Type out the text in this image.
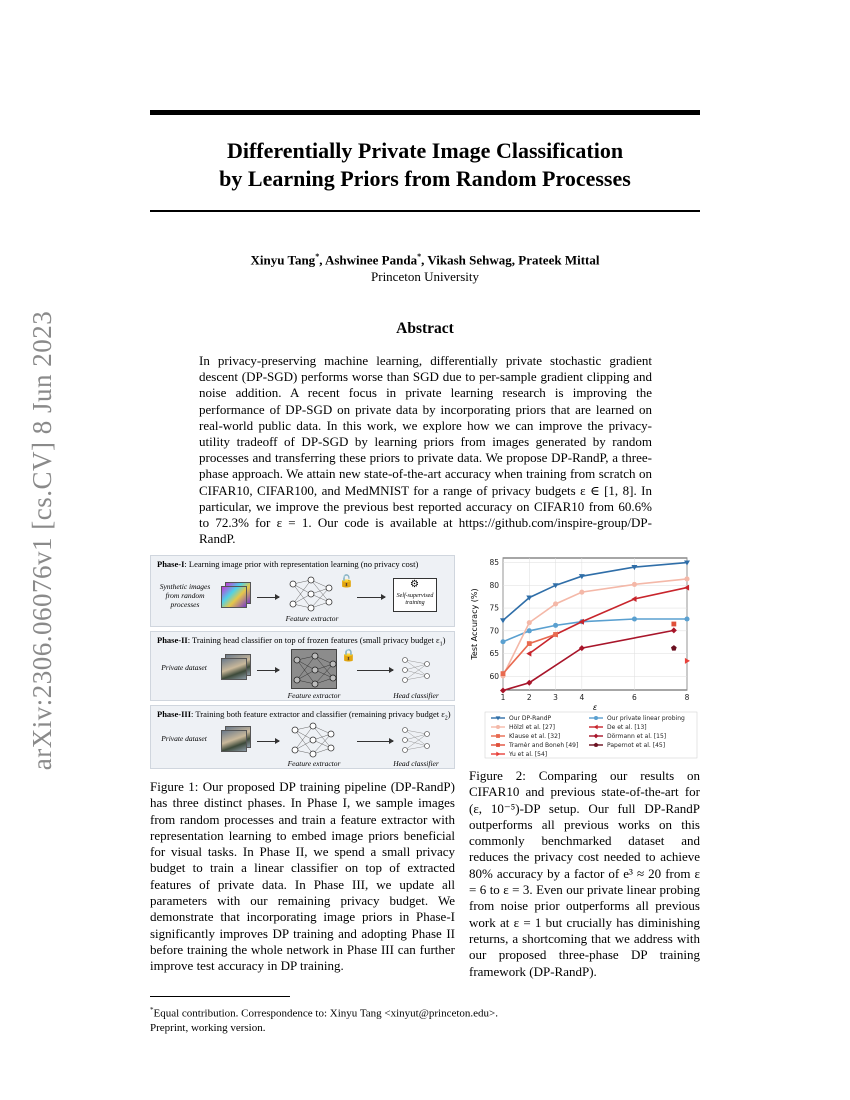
arXiv:2306.06076v1 [cs.CV] 8 Jun 2023
Differentially Private Image Classification
by Learning Priors from Random Processes
Xinyu Tang*, Ashwinee Panda*, Vikash Sehwag, Prateek Mittal
Princeton University
Abstract
In privacy-preserving machine learning, differentially private stochastic gradient descent (DP-SGD) performs worse than SGD due to per-sample gradient clipping and noise addition. A recent focus in private learning research is improving the performance of DP-SGD on private data by incorporating priors that are learned on real-world public data. In this work, we explore how we can improve the privacy-utility tradeoff of DP-SGD by learning priors from images generated by random processes and transferring these priors to private data. We propose DP-RandP, a three-phase approach. We attain new state-of-the-art accuracy when training from scratch on CIFAR10, CIFAR100, and MedMNIST for a range of privacy budgets ε ∈ [1, 8]. In particular, we improve the previous best reported accuracy on CIFAR10 from 60.6% to 72.3% for ε = 1. Our code is available at https://github.com/inspire-group/DP-RandP.
Phase-I: Learning image prior with representation learning (no privacy cost)
Synthetic images from random processes
Feature extractor
🔓	⚙
Self-supervised training
Phase-II: Training head classifier on top of frozen features (small privacy budget $\varepsilon_1$)
Private dataset
Feature extractor
🔒
Head classifier
Phase-III: Training both feature extractor and classifier (remaining privacy budget $\varepsilon_2$)
Private dataset
Feature extractor	Head classifier
Figure 1: Our proposed DP training pipeline (DP-RandP) has three distinct phases. In Phase I, we sample images from random processes and train a feature extractor with representation learning to embed image priors beneficial for visual tasks. In Phase II, we spend a small privacy budget to train a linear classifier on top of extracted features of private data. In Phase III, we update all parameters with our remaining privacy budget. We demonstrate that incorporating image priors in Phase-I significantly improves DP training and adopting Phase II before training the whole network in Phase III can further improve test accuracy in DP training.
1	2	3	4	6	8
60
65
70
75
80
85
ε
Test Accuracy (%)
Our DP-RandP	Our private linear probing
Hölzl et al. [27]	De et al. [13]
Klause et al. [32]	Dörmann et al. [15]
Tramèr and Boneh [49]	Papernot et al. [45]
Yu et al. [54]
Figure 2: Comparing our results on CIFAR10 and previous state-of-the-art for (ε, 10⁻⁵)-DP setup. Our full DP-RandP outperforms all previous works on this commonly benchmarked dataset and reduces the privacy cost needed to achieve 80% accuracy by a factor of e³ ≈ 20 from ε = 6 to ε = 3. Even our private linear probing from noise prior outperforms all previous work at ε = 1 but crucially has diminishing returns, a shortcoming that we address with our proposed three-phase DP training framework (DP-RandP).
*Equal contribution. Correspondence to: Xinyu Tang <xinyut@princeton.edu>.
Preprint, working version.
